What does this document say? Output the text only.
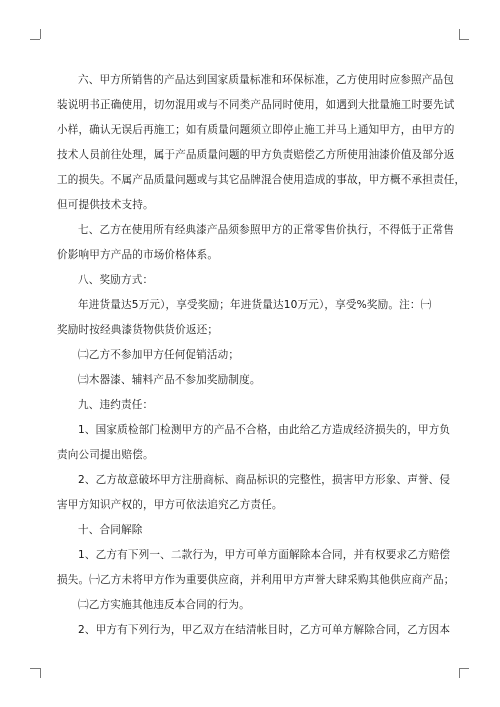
六、甲方所销售的产品达到国家质量标准和环保标准，乙方使用时应参照产品包
装说明书正确使用，切勿混用或与不同类产品同时使用，如遇到大批量施工时要先试
小样，确认无误后再施工；如有质量问题须立即停止施工并马上通知甲方，由甲方的
技术人员前往处理，属于产品质量问题的甲方负责赔偿乙方所使用油漆价值及部分返
工的损失。不属产品质量问题或与其它品牌混合使用造成的事故，甲方概不承担责任，
但可提供技术支持。
七、乙方在使用所有经典漆产品须参照甲方的正常零售价执行，不得低于正常售
价影响甲方产品的市场价格体系。
八、奖励方式：
年进货量达5万元），享受奖励；年进货量达10万元），享受%奖励。注：㈠
奖励时按经典漆货物供货价返还；
㈡乙方不参加甲方任何促销活动；
㈢木器漆、辅料产品不参加奖励制度。
九、违约责任：
1、国家质检部门检测甲方的产品不合格，由此给乙方造成经济损失的，甲方负
责向公司提出赔偿。
2、乙方故意破坏甲方注册商标、商品标识的完整性，损害甲方形象、声誉、侵
害甲方知识产权的，甲方可依法追究乙方责任。
十、合同解除
1、乙方有下列一、二款行为，甲方可单方面解除本合同，并有权要求乙方赔偿
损失。㈠乙方未将甲方作为重要供应商，并利用甲方声誉大肆采购其他供应商产品；
㈡乙方实施其他违反本合同的行为。
2、甲方有下列行为，甲乙双方在结清帐目时，乙方可单方解除合同，乙方因本
